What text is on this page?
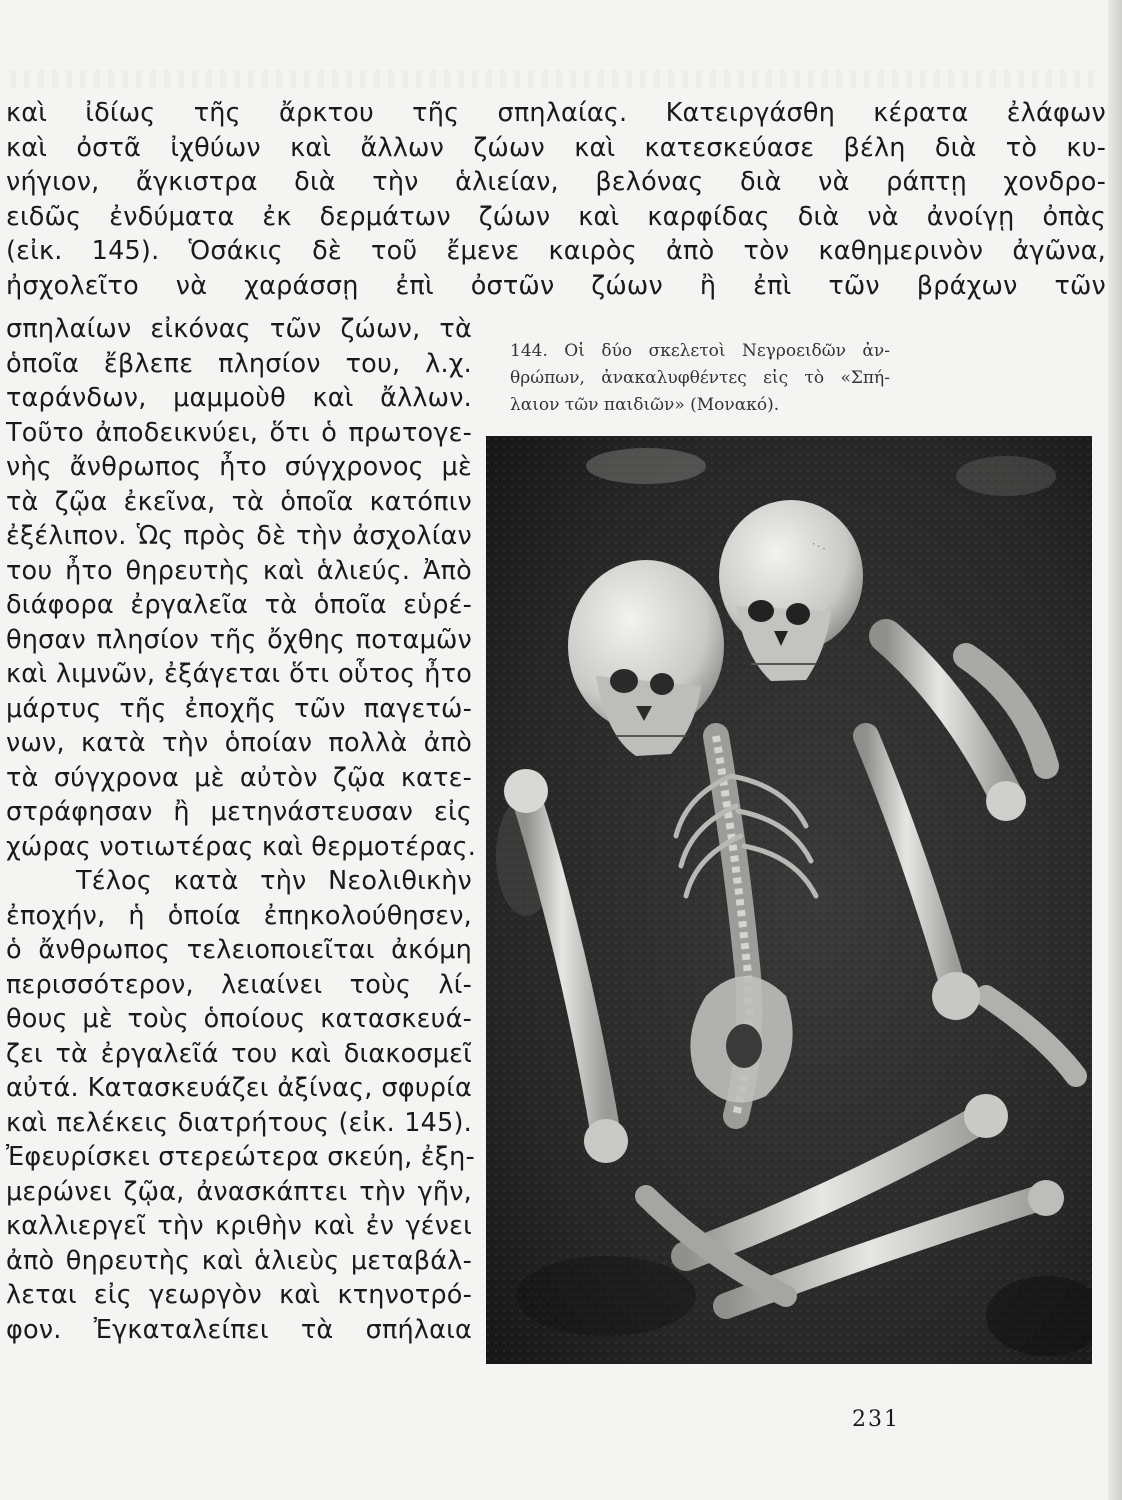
καὶ ἰδίως τῆς ἄρκτου τῆς σπηλαίας. Κατειργάσθη κέρατα ἐλάφων
καὶ ὀστᾶ ἰχθύων καὶ ἄλλων ζώων καὶ κατεσκεύασε βέλη διὰ τὸ κυ-
νήγιον, ἄγκιστρα διὰ τὴν ἁλιείαν, βελόνας διὰ νὰ ράπτῃ χονδρο-
ειδῶς ἐνδύματα ἐκ δερμάτων ζώων καὶ καρφίδας διὰ νὰ ἀνοίγῃ ὀπὰς
(εἰκ. 145). Ὁσάκις δὲ τοῦ ἔμενε καιρὸς ἀπὸ τὸν καθημερινὸν ἀγῶνα,
ἠσχολεῖτο νὰ χαράσσῃ ἐπὶ ὀστῶν ζώων ἢ ἐπὶ τῶν βράχων τῶν
σπηλαίων εἰκόνας τῶν ζώων, τὰ
ὁποῖα ἔβλεπε πλησίον του, λ.χ.
ταράνδων, μαμμοὺθ καὶ ἄλλων.
Τοῦτο ἀποδεικνύει, ὅτι ὁ πρωτογε-
νὴς ἄνθρωπος ἦτο σύγχρονος μὲ
τὰ ζῷα ἐκεῖνα, τὰ ὁποῖα κατόπιν
ἐξέλιπον. Ὡς πρὸς δὲ τὴν ἀσχολίαν
του ἦτο θηρευτὴς καὶ ἁλιεύς. Ἀπὸ
διάφορα ἐργαλεῖα τὰ ὁποῖα εὑρέ-
θησαν πλησίον τῆς ὄχθης ποταμῶν
καὶ λιμνῶν, ἐξάγεται ὅτι οὗτος ἦτο
μάρτυς τῆς ἐποχῆς τῶν παγετώ-
νων, κατὰ τὴν ὁποίαν πολλὰ ἀπὸ
τὰ σύγχρονα μὲ αὐτὸν ζῷα κατε-
στράφησαν ἢ μετηνάστευσαν εἰς
χώρας νοτιωτέρας καὶ θερμοτέρας.
Τέλος κατὰ τὴν Νεολιθικὴν
ἐποχήν, ἡ ὁποία ἐπηκολούθησεν,
ὁ ἄνθρωπος τελειοποιεῖται ἀκόμη
περισσότερον, λειαίνει τοὺς λί-
θους μὲ τοὺς ὁποίους κατασκευά-
ζει τὰ ἐργαλεῖά του καὶ διακοσμεῖ
αὐτά. Κατασκευάζει ἀξίνας, σφυρία
καὶ πελέκεις διατρήτους (εἰκ. 145).
Ἐφευρίσκει στερεώτερα σκεύη, ἐξη-
μερώνει ζῷα, ἀνασκάπτει τὴν γῆν,
καλλιεργεῖ τὴν κριθὴν καὶ ἐν γένει
ἀπὸ θηρευτὴς καὶ ἁλιεὺς μεταβάλ-
λεται εἰς γεωργὸν καὶ κτηνοτρό-
φον. Ἐγκαταλείπει τὰ σπήλαια
144. Οἱ δύο σκελετοὶ Νεγροειδῶν ἀν-
θρώπων, ἀνακαλυφθέντες εἰς τὸ «Σπή-
λαιον τῶν παιδιῶν» (Μονακό).
· · ·
231
